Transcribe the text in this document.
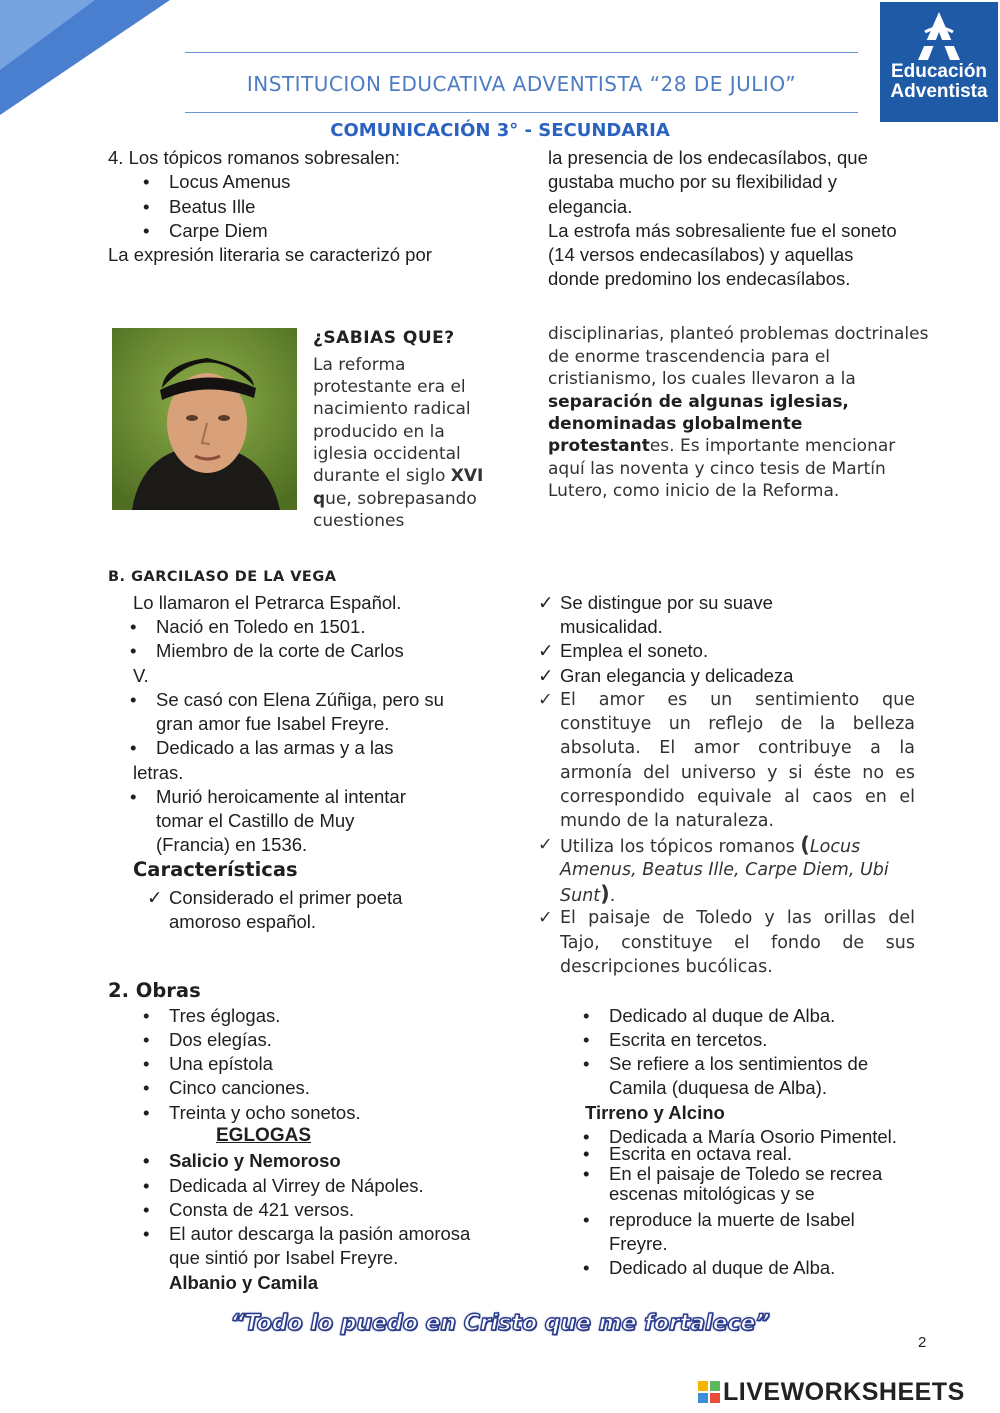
INSTITUCION EDUCATIVA ADVENTISTA “28 DE JULIO”
Educación
Adventista
COMUNICACIÓN 3° - SECUNDARIA
4. Los tópicos romanos sobresalen:
• Locus Amenus
• Beatus Ille
• Carpe Diem
La expresión literaria se caracterizó por
la presencia de los endecasílabos, que
gustaba mucho por su flexibilidad y
elegancia.
La estrofa más sobresaliente fue el soneto
(14 versos endecasílabos) y aquellas
donde predomino los endecasílabos.
¿SABIAS QUE?
La reforma
protestante era el
nacimiento radical
producido en la
iglesia occidental
durante el siglo XVI
que, sobrepasando
cuestiones
disciplinarias, planteó problemas doctrinales
de enorme trascendencia para el
cristianismo, los cuales llevaron a la
separación de algunas iglesias,
denominadas globalmente
protestantes. Es importante mencionar
aquí las noventa y cinco tesis de Martín
Lutero, como inicio de la Reforma.
B. GARCILASO DE LA VEGA
Lo llamaron el Petrarca Español.
• Nació en Toledo en 1501.
• Miembro de la corte de Carlos
V.
• Se casó con Elena Zúñiga, pero su
gran amor fue Isabel Freyre.
• Dedicado a las armas y a las
letras.
• Murió heroicamente al intentar
tomar el Castillo de Muy
(Francia) en 1536.
Características
✓ Considerado el primer poeta
amoroso español.
✓ Se distingue por su suave
musicalidad.
✓ Emplea el soneto.
✓ Gran elegancia y delicadeza
✓ El amor es un sentimiento que
constituye un reflejo de la belleza
absoluta. El amor contribuye a la
armonía del universo y si éste no es
correspondido equivale al caos en el
mundo de la naturaleza.
✓ Utiliza los tópicos romanos (Locus
Amenus, Beatus Ille, Carpe Diem, Ubi
Sunt).
✓ El paisaje de Toledo y las orillas del
Tajo, constituye el fondo de sus
descripciones bucólicas.
2. Obras
• Tres églogas.
• Dos elegías.
• Una epístola
• Cinco canciones.
• Treinta y ocho sonetos.
EGLOGAS
• Salicio y Nemoroso
• Dedicada al Virrey de Nápoles.
• Consta de 421 versos.
• El autor descarga la pasión amorosa
que sintió por Isabel Freyre.
Albanio y Camila
• Dedicado al duque de Alba.
• Escrita en tercetos.
• Se refiere a los sentimientos de
Camila (duquesa de Alba).
Tirreno y Alcino
• Dedicada a María Osorio Pimentel.
• Escrita en octava real.
• En el paisaje de Toledo se recrea
escenas mitológicas y se
• reproduce la muerte de Isabel
Freyre.
• Dedicado al duque de Alba.
“Todo lo puedo en Cristo que me fortalece”
2
LIVEWORKSHEETS
